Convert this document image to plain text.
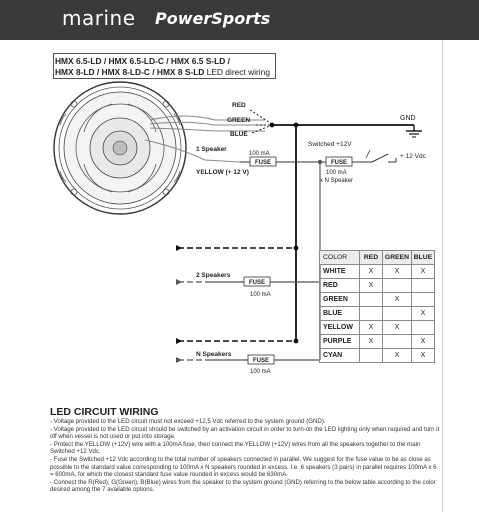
marine PowerSports
HMX 6.5-LD / HMX 6.5-LD-C / HMX 6.5 S-LD /
HMX 8-LD / HMX 8-LD-C / HMX 8 S-LD LED direct wiring
RED
GREEN
BLUE
GND
1 Speaker
YELLOW (+ 12 V)
FUSE
100 mA
FUSE
Switched +12V
100 mA
x N Speaker
+ 12 Vdc
FUSE
100 mA
2 Speakers
FUSE
100 mA
N Speakers
COLOR	RED	GREEN	BLUE
WHITE	X	X	X
RED	X		
GREEN		X	
BLUE			X
YELLOW	X	X	
PURPLE	X		X
CYAN		X	X
LED CIRCUIT WIRING

- Voltage provided to the LED circuit must not exceed +12,5 Vdc referred to the system ground (GND).

- Voltage provided to the LED circuit should be switched by an activation circuit in order to turn-on the LED lighting only when required and turn it off when vessel is not used or put into storage.

- Protect the YELLOW (+12V) wire with a 100mA fuse, then connect the YELLOW (+12V) wires from all the speakers together to the main Switched +12 Vdc.

- Fuse the Switched +12 Vdc according to the total number of speakers connected in parallel. We suggest for the fuse value to be as close as possible to the standard value corresponding to 100mA x N speakers rounded in excess. I.e. 6 speakers (3 pairs) in parallel requires 100mA x 6 = 600mA, for which the closest standard fuse value rounded in excess would be 630mA.

- Connect the R(Red), G(Green), B(Blue) wires from the speaker to the system ground (GND) referring to the below table according to the color desired among the 7 available options.
